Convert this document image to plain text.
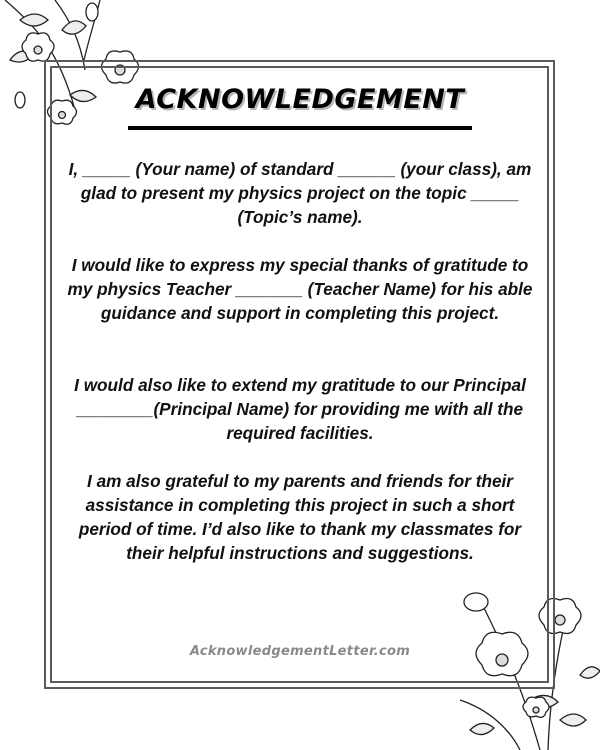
ACKNOWLEDGEMENT
I, _____ (Your name) of standard ______ (your class), am glad to present my physics project on the topic _____ (Topic’s name).
I would like to express my special thanks of gratitude to my physics Teacher _______ (Teacher Name) for his able guidance and support in completing this project.
I would also like to extend my gratitude to our Principal ________(Principal Name) for providing me with all the required facilities.
I am also grateful to my parents and friends for their assistance in completing this project in such a short period of time. I’d also like to thank my classmates for their helpful instructions and suggestions.
AcknowledgementLetter.com
